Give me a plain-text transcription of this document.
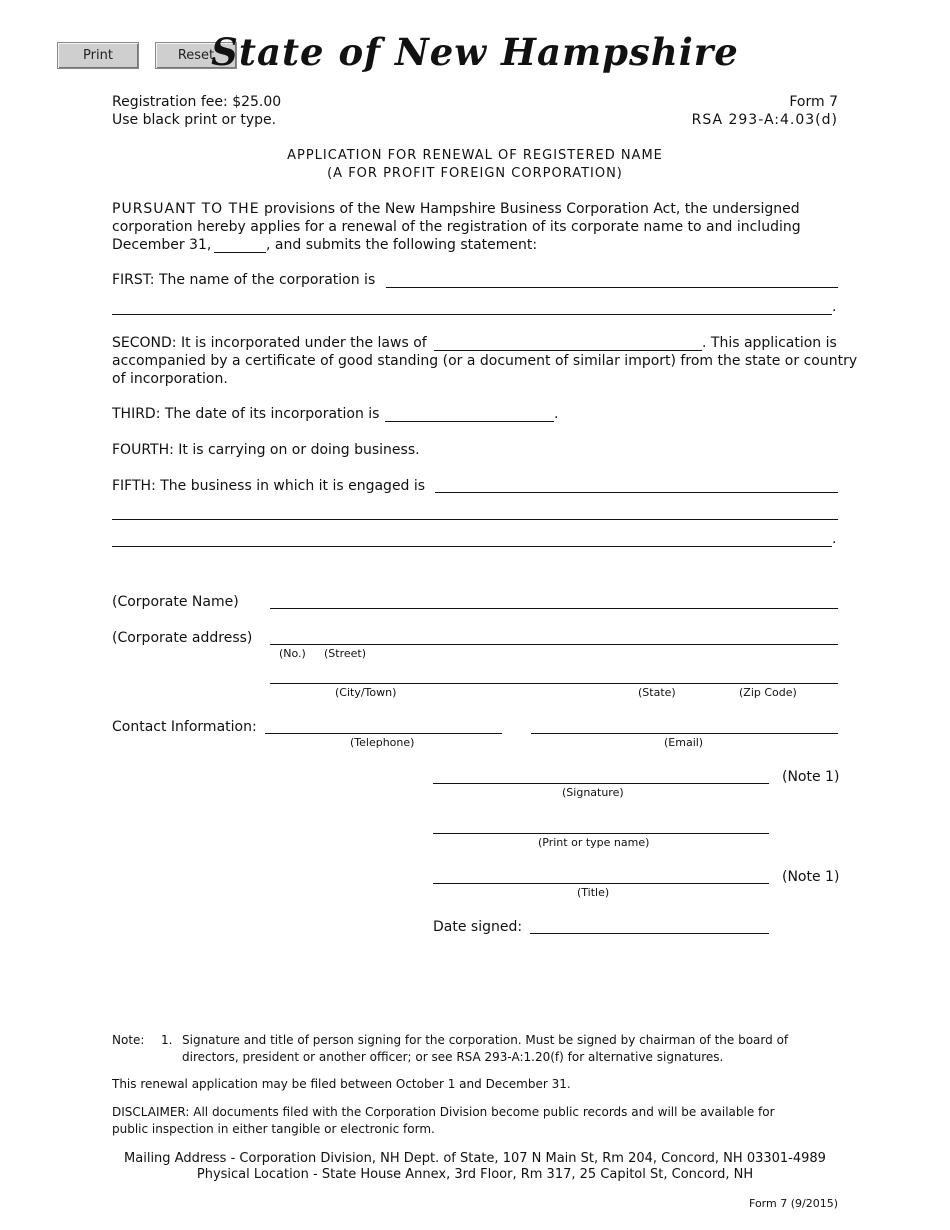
Print	Reset
State of New Hampshire
Registration fee: $25.00
Use black print or type.
Form 7
RSA 293-A:4.03(d)
APPLICATION FOR RENEWAL OF REGISTERED NAME
(A FOR PROFIT FOREIGN CORPORATION)
PURSUANT TO THE provisions of the New Hampshire Business Corporation Act, the undersigned
corporation hereby applies for a renewal of the registration of its corporate name to and including
December 31,	, and submits the following statement:
FIRST: The name of the corporation is
.
SECOND: It is incorporated under the laws of	. This application is
accompanied by a certificate of good standing (or a document of similar import) from the state or country
of incorporation.
THIRD: The date of its incorporation is	.
FOURTH: It is carrying on or doing business.
FIFTH: The business in which it is engaged is
.
(Corporate Name)
(Corporate address)
(No.) (Street)
(City/Town)	(State)	(Zip Code)
Contact Information:
(Telephone)	(Email)
(Note 1)
(Signature)
(Print or type name)
(Note 1)
(Title)
Date signed:
Note: 1. Signature and title of person signing for the corporation. Must be signed by chairman of the board of
directors, president or another officer; or see RSA 293-A:1.20(f) for alternative signatures.
This renewal application may be filed between October 1 and December 31.
DISCLAIMER: All documents filed with the Corporation Division become public records and will be available for
public inspection in either tangible or electronic form.
Mailing Address - Corporation Division, NH Dept. of State, 107 N Main St, Rm 204, Concord, NH 03301-4989
Physical Location - State House Annex, 3rd Floor, Rm 317, 25 Capitol St, Concord, NH
Form 7 (9/2015)
